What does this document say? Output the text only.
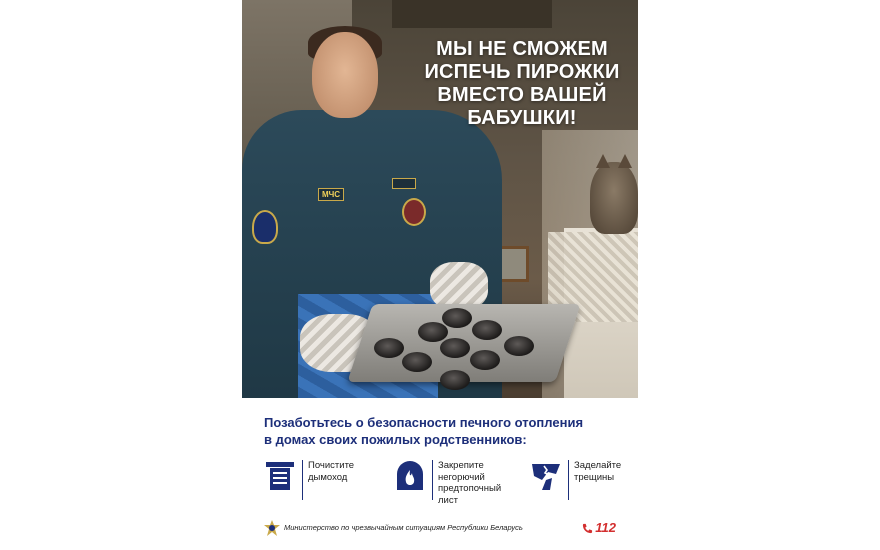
МЧС
МЫ НЕ СМОЖЕМ
ИСПЕЧЬ ПИРОЖКИ
ВМЕСТО ВАШЕЙ
БАБУШКИ!
Позаботьтесь о безопасности печного отопления
в домах своих пожилых родственников:
Почистите
дымоход
Закрепите
негорючий
предтопочный
лист
Заделайте
трещины
Министерство по чрезвычайным ситуациям Республики Беларусь	112
